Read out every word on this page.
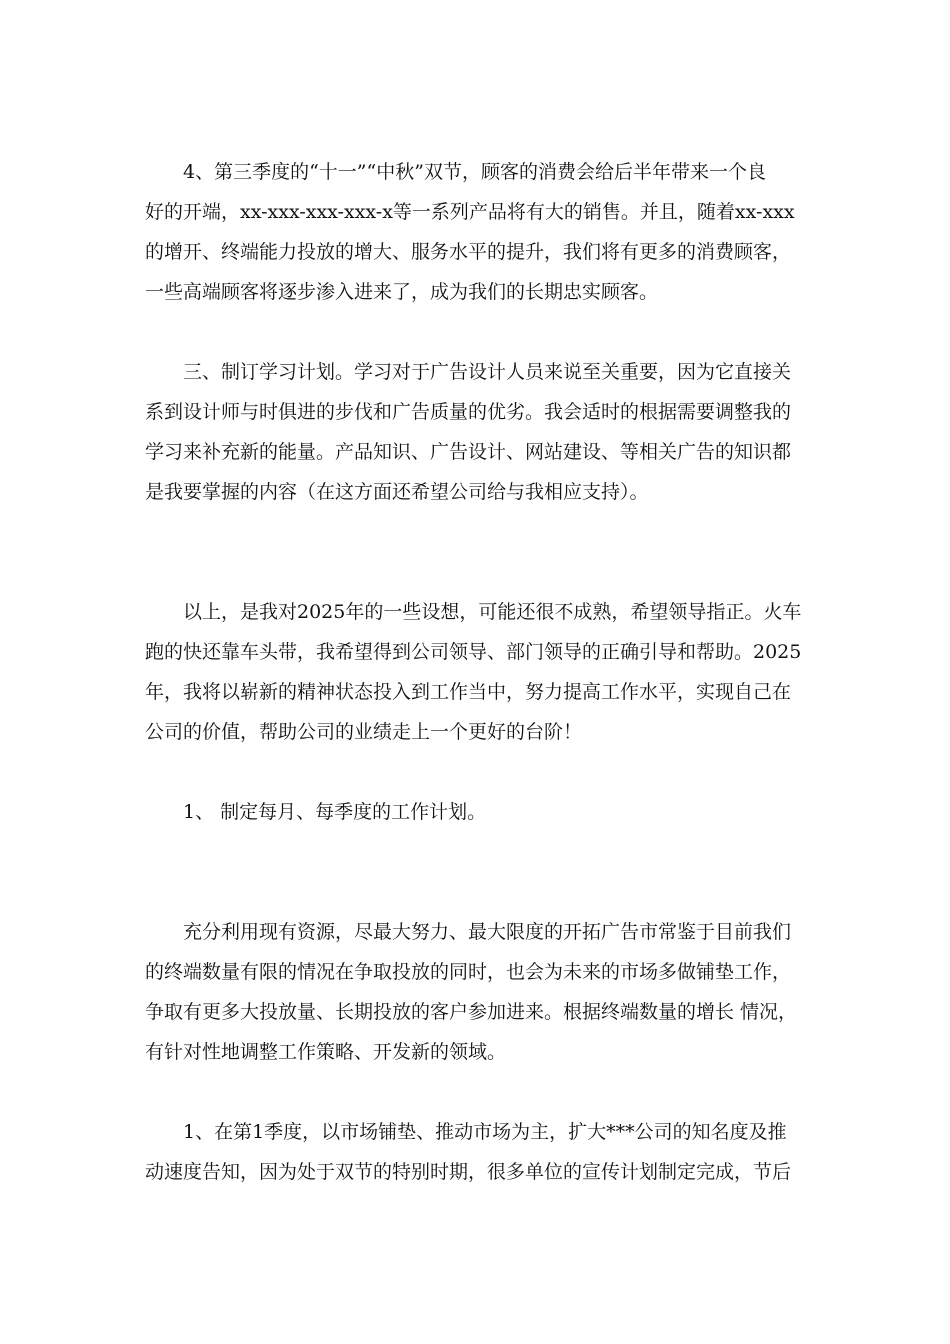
　　4、第三季度的“十一”“中秋”双节，顾客的消费会给后半年带来一个良
好的开端，xx-xxx-xxx-xxx-x等一系列产品将有大的销售。并且，随着xx-xxx
的增开、终端能力投放的增大、服务水平的提升，我们将有更多的消费顾客，
一些高端顾客将逐步渗入进来了，成为我们的长期忠实顾客。

　　三、制订学习计划。学习对于广告设计人员来说至关重要，因为它直接关
系到设计师与时俱进的步伐和广告质量的优劣。我会适时的根据需要调整我的
学习来补充新的能量。产品知识、广告设计、网站建设、等相关广告的知识都
是我要掌握的内容（在这方面还希望公司给与我相应支持）。

　　以上，是我对2025年的一些设想，可能还很不成熟，希望领导指正。火车
跑的快还靠车头带，我希望得到公司领导、部门领导的正确引导和帮助。2025
年，我将以崭新的精神状态投入到工作当中，努力提高工作水平，实现自己在
公司的价值，帮助公司的业绩走上一个更好的台阶！

　　1、 制定每月、每季度的工作计划。

　　充分利用现有资源，尽最大努力、最大限度的开拓广告市常鉴于目前我们
的终端数量有限的情况在争取投放的同时，也会为未来的市场多做铺垫工作，
争取有更多大投放量、长期投放的客户参加进来。根据终端数量的增长 情况，
有针对性地调整工作策略、开发新的领域。

　　1、在第1季度，以市场铺垫、推动市场为主，扩大***公司的知名度及推
动速度告知，因为处于双节的特别时期，很多单位的宣传计划制定完成，节后
